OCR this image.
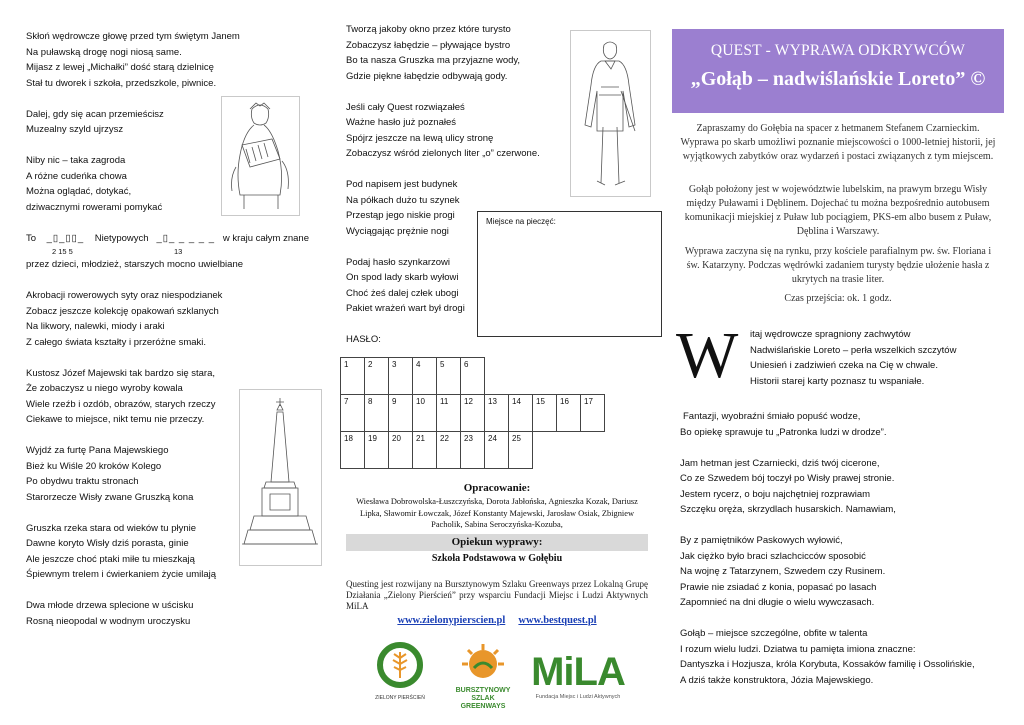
Skłoń wędrowcze głowę przed tym świętym Janem
Na puławską drogę nogi niosą same.
Mijasz z lewej „Michałki” dość starą dzielnicę
Stał tu dworek i szkoła, przedszkole, piwnice.
Dalej, gdy się acan przemieścisz
Muzealny szyld ujrzysz
Niby nic – taka zagroda
A różne cudeńka chowa
Można oglądać, dotykać,
dziwacznymi rowerami pomykać
To _▯_▯▯_ Nietypowych _▯_ _ _ _ _ w kraju całym znane
2 15 5	13
przez dzieci, młodzież, starszych mocno uwielbiane
Akrobacji rowerowych syty oraz niespodzianek
Zobacz jeszcze kolekcję opakowań szklanych
Na likwory, nalewki, miody i araki
Z całego świata kształty i przeróżne smaki.
Kustosz Józef Majewski tak bardzo się stara,
Że zobaczysz u niego wyroby kowala
Wiele rzeźb i ozdób, obrazów, starych rzeczy
Ciekawe to miejsce, nikt temu nie przeczy.
Wyjdź za furtę Pana Majewskiego
Bież ku Wiśle 20 kroków Kolego
Po obydwu traktu stronach
Starorzecze Wisły zwane Gruszką kona
Gruszka rzeka stara od wieków tu płynie
Dawne koryto Wisły dziś porasta, ginie
Ale jeszcze choć ptaki miłe tu mieszkają
Śpiewnym trelem i ćwierkaniem życie umilają
Dwa młode drzewa splecione w uścisku
Rosną nieopodal w wodnym uroczysku
Tworzą jakoby okno przez które turysto
Zobaczysz łabędzie – pływające bystro
Bo ta nasza Gruszka ma przyjazne wody,
Gdzie piękne łabędzie odbywają gody.
Jeśli cały Quest rozwiązałeś
Ważne hasło już poznałeś
Spójrz jeszcze na lewą ulicy stronę
Zobaczysz wśród zielonych liter „o” czerwone.
Pod napisem jest budynek
Na półkach dużo tu szynek
Przestąp jego niskie progi
Wyciągając prężnie nogi
Podaj hasło szynkarzowi
On spod lady skarb wyłowi
Choć żeś dalej człek ubogi
Pakiet wrażeń wart był drogi
HASŁO:
Miejsce na pieczęć:
1	2	3	4	5	6					
7	8	9	10	11	12	13	14	15	16	17
18	19	20	21	22	23	24	25			
Opracowanie:
Wiesława Dobrowolska-Łuszczyńska, Dorota Jabłońska, Agnieszka Kozak, Dariusz Lipka, Sławomir Łowczak, Józef Konstanty Majewski, Jarosław Osiak, Zbigniew Pacholik, Sabina Seroczyńska-Kozuba,
Opiekun wyprawy:
Szkoła Podstawowa w Gołębiu
Questing jest rozwijany na Bursztynowym Szlaku Greenways przez Lokalną Grupę Działania „Zielony Pierścień” przy wsparciu Fundacji Miejsc i Ludzi Aktywnych MiLA
www.zielonypierscien.pl www.bestquest.pl
ZIELONY PIERŚCIEŃ
BURSZTYNOWY
SZLAK
GREENWAYS
MiLA
Fundacja Miejsc i Ludzi Aktywnych
QUEST - WYPRAWA ODKRYWCÓW
„Gołąb – nadwiślańskie Loreto” ©
Zapraszamy do Gołębia na spacer z hetmanem Stefanem Czarnieckim. Wyprawa po skarb umożliwi poznanie miejscowości o 1000-letniej historii, jej wyjątkowych zabytków oraz wydarzeń i postaci związanych z tym miejscem.
Gołąb położony jest w województwie lubelskim, na prawym brzegu Wisły między Puławami i Dęblinem. Dojechać tu można bezpośrednio autobusem komunikacji miejskiej z Puław lub pociągiem, PKS-em albo busem z Puław, Dęblina i Warszawy.
Wyprawa zaczyna się na rynku, przy kościele parafialnym pw. św. Floriana i św. Katarzyny. Podczas wędrówki zadaniem turysty będzie ułożenie hasła z ukrytych na trasie liter.
Czas przejścia: ok. 1 godz.
W itaj wędrowcze spragniony zachwytów
Nadwiślańskie Loreto – perła wszelkich szczytów
Uniesień i zadziwień czeka na Cię w chwale.
Historii starej karty poznasz tu wspaniałe.
Fantazji, wyobraźni śmiało popuść wodze,
Bo opiekę sprawuje tu „Patronka ludzi w drodze”.
Jam hetman jest Czarniecki, dziś twój cicerone,
Co ze Szwedem bój toczył po Wisły prawej stronie.
Jestem rycerz, o boju najchętniej rozprawiam
Szczęku oręża, skrzydlach husarskich. Namawiam,
By z pamiętników Paskowych wyłowić,
Jak ciężko było braci szlachcicców sposobić
Na wojnę z Tatarzynem, Szwedem czy Rusinem.
Prawie nie zsiadać z konia, popasać po lasach
Zapomnieć na dni długie o wielu wywczasach.
Gołąb – miejsce szczególne, obfite w talenta
I rozum wielu ludzi. Dziatwa tu pamięta imiona znaczne:
Dantyszka i Hozjusza, króla Korybuta, Kossaków familię i Ossolińskie,
A dziś także konstruktora, Józia Majewskiego.
